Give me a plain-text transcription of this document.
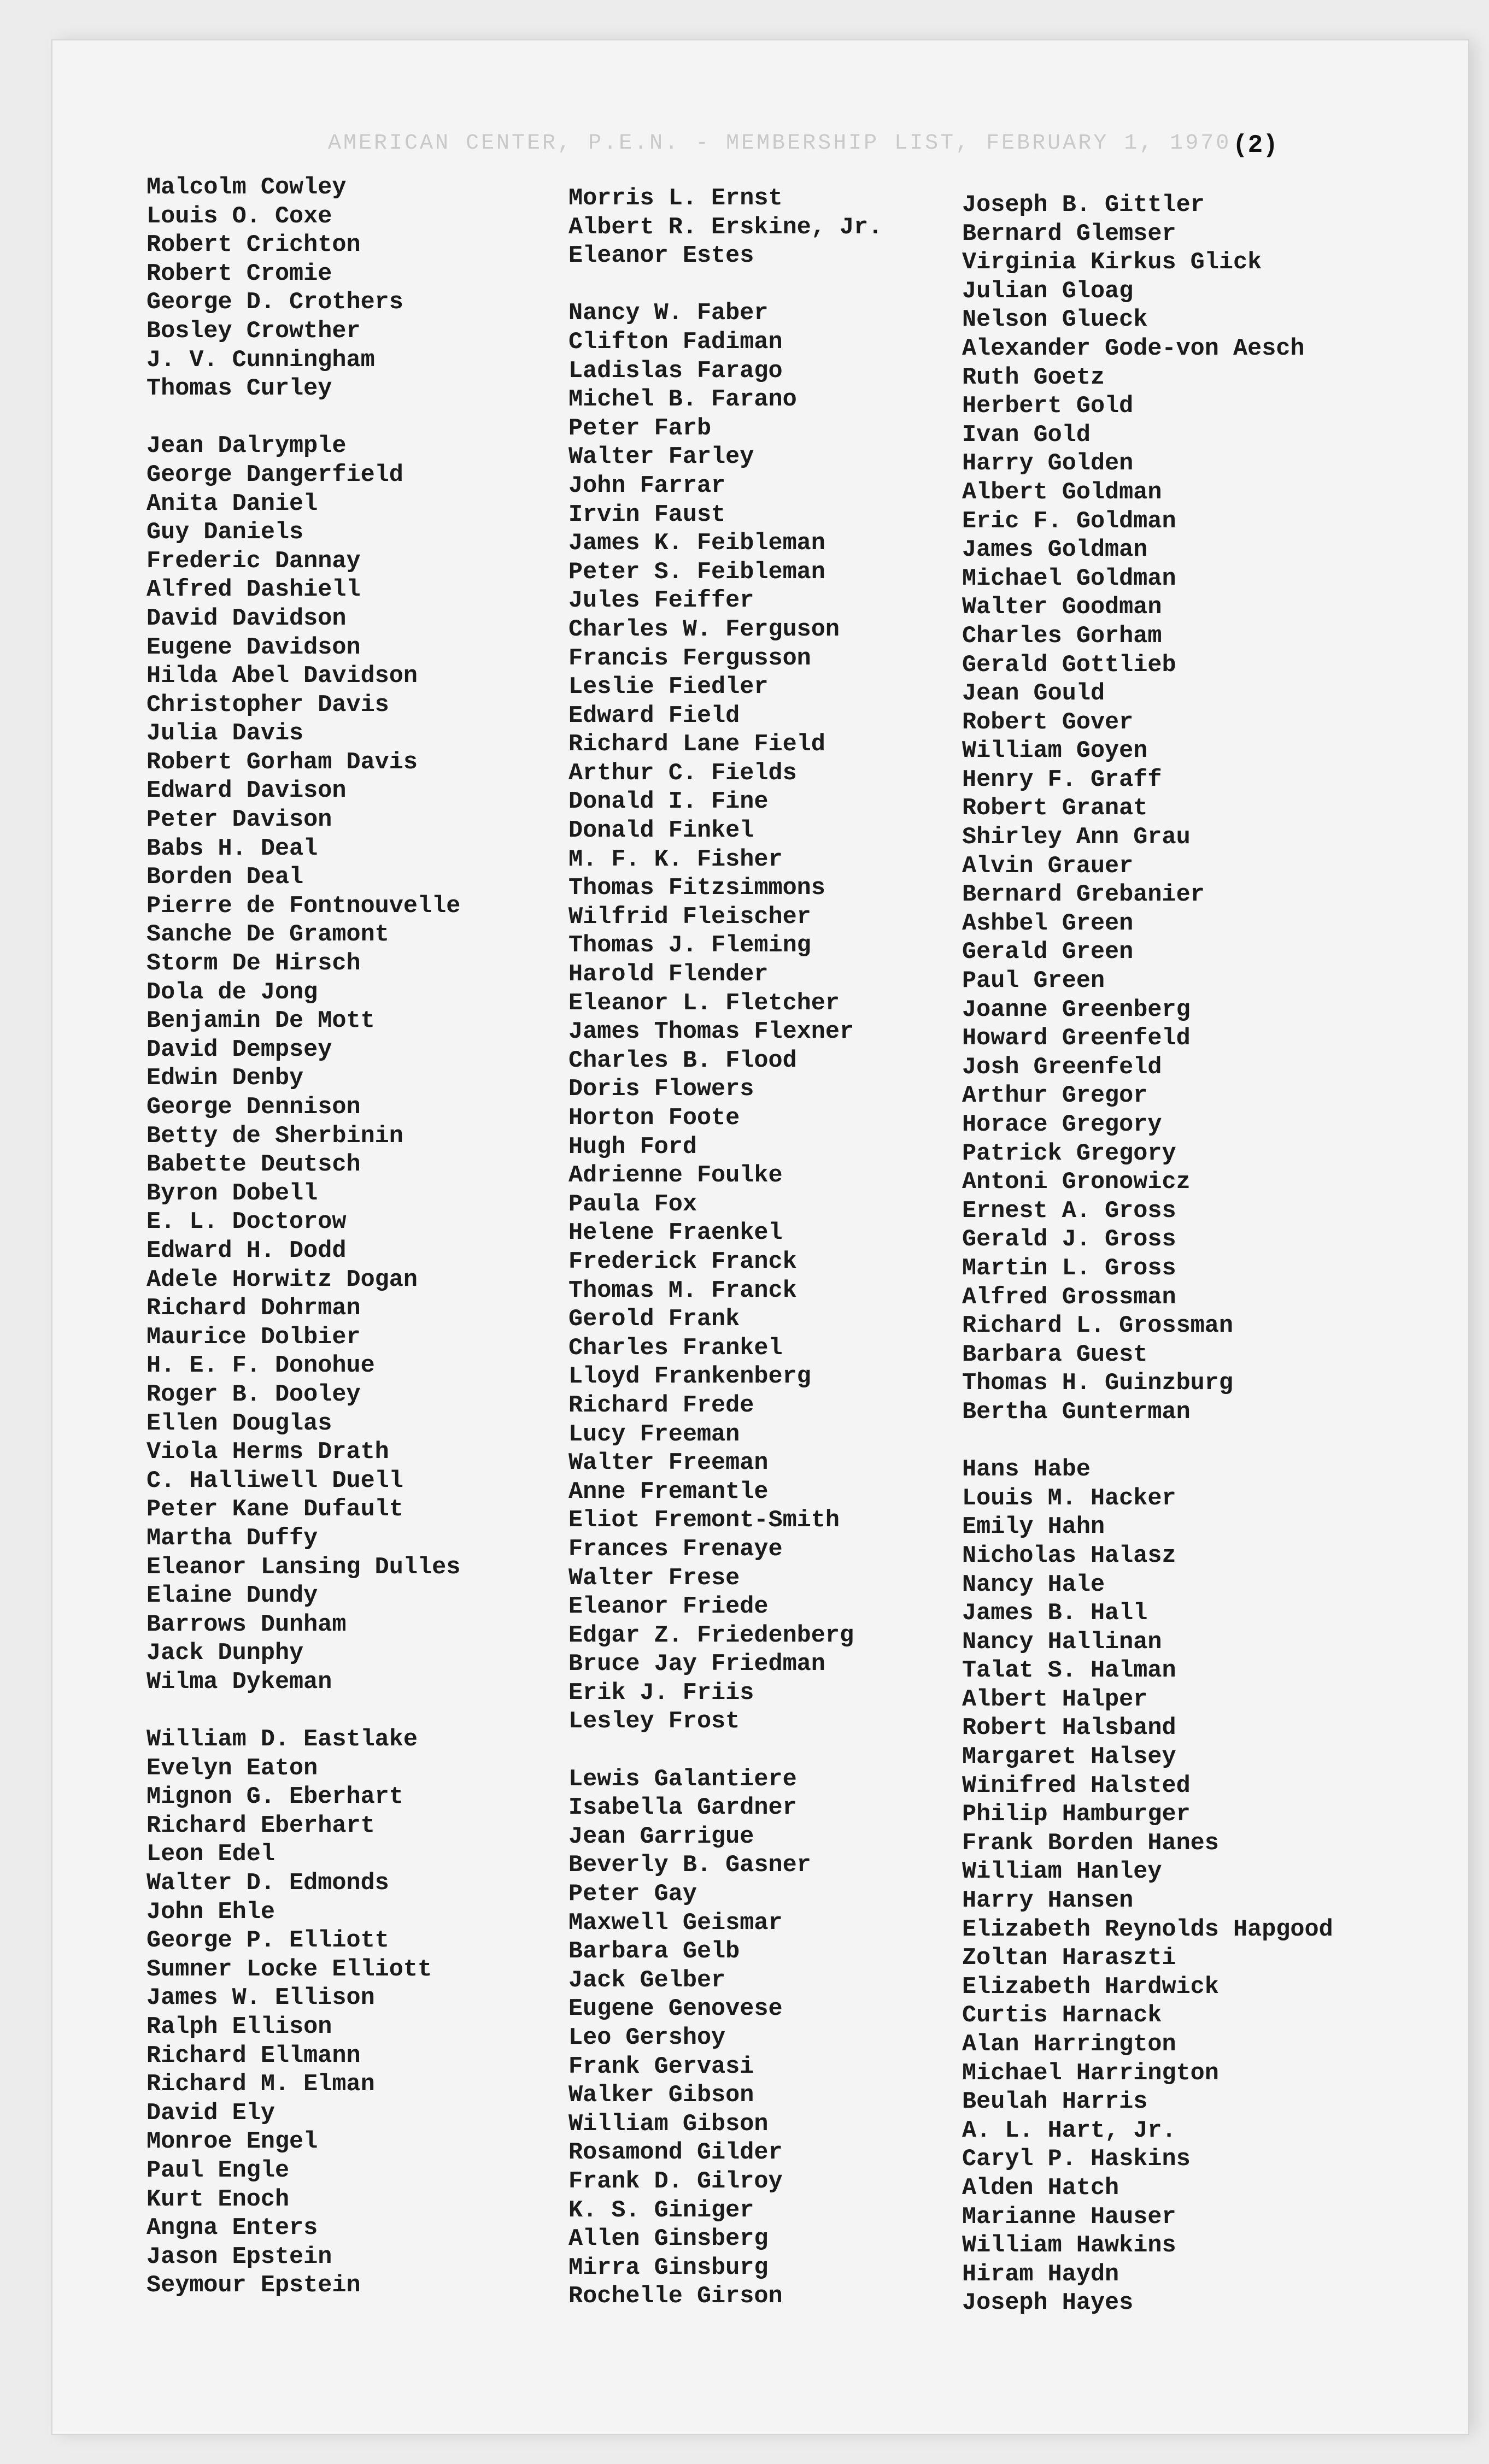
AMERICAN CENTER, P.E.N. - MEMBERSHIP LIST, FEBRUARY 1, 1970 (2)
Malcolm Cowley
Louis O. Coxe
Robert Crichton
Robert Cromie
George D. Crothers
Bosley Crowther
J. V. Cunningham
Thomas Curley
Jean Dalrymple
George Dangerfield
Anita Daniel
Guy Daniels
Frederic Dannay
Alfred Dashiell
David Davidson
Eugene Davidson
Hilda Abel Davidson
Christopher Davis
Julia Davis
Robert Gorham Davis
Edward Davison
Peter Davison
Babs H. Deal
Borden Deal
Pierre de Fontnouvelle
Sanche De Gramont
Storm De Hirsch
Dola de Jong
Benjamin De Mott
David Dempsey
Edwin Denby
George Dennison
Betty de Sherbinin
Babette Deutsch
Byron Dobell
E. L. Doctorow
Edward H. Dodd
Adele Horwitz Dogan
Richard Dohrman
Maurice Dolbier
H. E. F. Donohue
Roger B. Dooley
Ellen Douglas
Viola Herms Drath
C. Halliwell Duell
Peter Kane Dufault
Martha Duffy
Eleanor Lansing Dulles
Elaine Dundy
Barrows Dunham
Jack Dunphy
Wilma Dykeman
William D. Eastlake
Evelyn Eaton
Mignon G. Eberhart
Richard Eberhart
Leon Edel
Walter D. Edmonds
John Ehle
George P. Elliott
Sumner Locke Elliott
James W. Ellison
Ralph Ellison
Richard Ellmann
Richard M. Elman
David Ely
Monroe Engel
Paul Engle
Kurt Enoch
Angna Enters
Jason Epstein
Seymour Epstein
Morris L. Ernst
Albert R. Erskine, Jr.
Eleanor Estes
Nancy W. Faber
Clifton Fadiman
Ladislas Farago
Michel B. Farano
Peter Farb
Walter Farley
John Farrar
Irvin Faust
James K. Feibleman
Peter S. Feibleman
Jules Feiffer
Charles W. Ferguson
Francis Fergusson
Leslie Fiedler
Edward Field
Richard Lane Field
Arthur C. Fields
Donald I. Fine
Donald Finkel
M. F. K. Fisher
Thomas Fitzsimmons
Wilfrid Fleischer
Thomas J. Fleming
Harold Flender
Eleanor L. Fletcher
James Thomas Flexner
Charles B. Flood
Doris Flowers
Horton Foote
Hugh Ford
Adrienne Foulke
Paula Fox
Helene Fraenkel
Frederick Franck
Thomas M. Franck
Gerold Frank
Charles Frankel
Lloyd Frankenberg
Richard Frede
Lucy Freeman
Walter Freeman
Anne Fremantle
Eliot Fremont-Smith
Frances Frenaye
Walter Frese
Eleanor Friede
Edgar Z. Friedenberg
Bruce Jay Friedman
Erik J. Friis
Lesley Frost
Lewis Galantiere
Isabella Gardner
Jean Garrigue
Beverly B. Gasner
Peter Gay
Maxwell Geismar
Barbara Gelb
Jack Gelber
Eugene Genovese
Leo Gershoy
Frank Gervasi
Walker Gibson
William Gibson
Rosamond Gilder
Frank D. Gilroy
K. S. Giniger
Allen Ginsberg
Mirra Ginsburg
Rochelle Girson
Joseph B. Gittler
Bernard Glemser
Virginia Kirkus Glick
Julian Gloag
Nelson Glueck
Alexander Gode-von Aesch
Ruth Goetz
Herbert Gold
Ivan Gold
Harry Golden
Albert Goldman
Eric F. Goldman
James Goldman
Michael Goldman
Walter Goodman
Charles Gorham
Gerald Gottlieb
Jean Gould
Robert Gover
William Goyen
Henry F. Graff
Robert Granat
Shirley Ann Grau
Alvin Grauer
Bernard Grebanier
Ashbel Green
Gerald Green
Paul Green
Joanne Greenberg
Howard Greenfeld
Josh Greenfeld
Arthur Gregor
Horace Gregory
Patrick Gregory
Antoni Gronowicz
Ernest A. Gross
Gerald J. Gross
Martin L. Gross
Alfred Grossman
Richard L. Grossman
Barbara Guest
Thomas H. Guinzburg
Bertha Gunterman
Hans Habe
Louis M. Hacker
Emily Hahn
Nicholas Halasz
Nancy Hale
James B. Hall
Nancy Hallinan
Talat S. Halman
Albert Halper
Robert Halsband
Margaret Halsey
Winifred Halsted
Philip Hamburger
Frank Borden Hanes
William Hanley
Harry Hansen
Elizabeth Reynolds Hapgood
Zoltan Haraszti
Elizabeth Hardwick
Curtis Harnack
Alan Harrington
Michael Harrington
Beulah Harris
A. L. Hart, Jr.
Caryl P. Haskins
Alden Hatch
Marianne Hauser
William Hawkins
Hiram Haydn
Joseph Hayes
